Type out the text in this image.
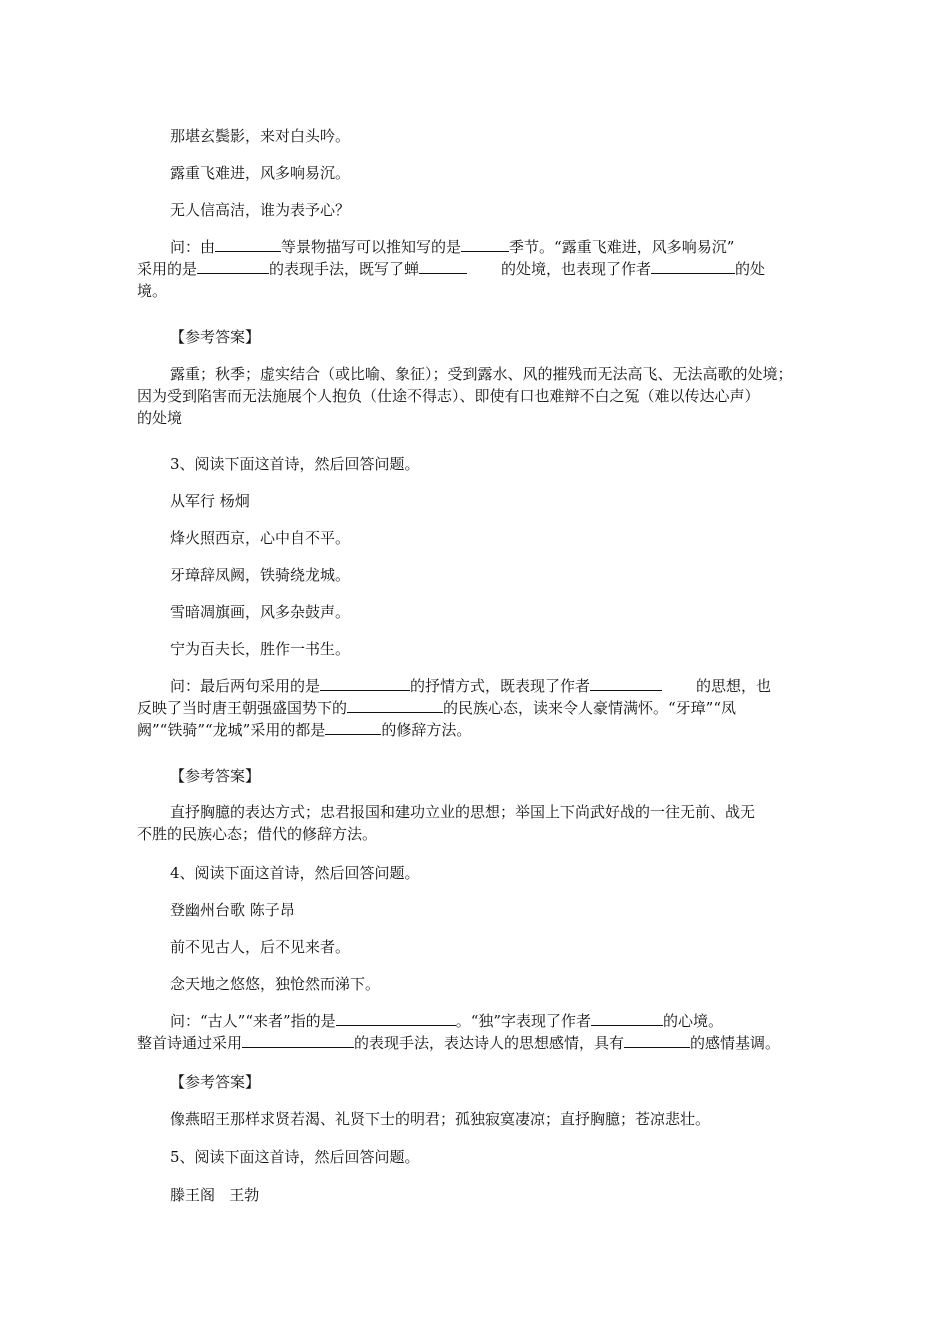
那堪玄鬓影，来对白头吟。

露重飞难进，风多响易沉。

无人信高洁，谁为表予心？

问：由	等景物描写可以推知写的是	季节。“露重飞难进，风多响易沉”
采用的是	的表现手法，既写了蝉	的处境，也表现了作者	的处
境。

【参考答案】

露重；秋季；虚实结合（或比喻、象征）；受到露水、风的摧残而无法高飞、无法高歌的处境；
因为受到陷害而无法施展个人抱负（仕途不得志）、即使有口也难辩不白之冤（难以传达心声）
的处境

3、阅读下面这首诗，然后回答问题。

从军行 杨炯

烽火照西京，心中自不平。

牙璋辞凤阙，铁骑绕龙城。

雪暗凋旗画，风多杂鼓声。

宁为百夫长，胜作一书生。

问：最后两句采用的是	的抒情方式，既表现了作者	的思想，也
反映了当时唐王朝强盛国势下的	的民族心态，读来令人豪情满怀。“牙璋”“凤
阙”“铁骑”“龙城”采用的都是	的修辞方法。

【参考答案】

直抒胸臆的表达方式；忠君报国和建功立业的思想；举国上下尚武好战的一往无前、战无
不胜的民族心态；借代的修辞方法。

4、阅读下面这首诗，然后回答问题。

登幽州台歌 陈子昂

前不见古人，后不见来者。

念天地之悠悠，独怆然而涕下。

问：“古人”“来者”指的是	。“独”字表现了作者	的心境。
整首诗通过采用	的表现手法，表达诗人的思想感情，具有	的感情基调。

【参考答案】

像燕昭王那样求贤若渴、礼贤下士的明君；孤独寂寞凄凉；直抒胸臆；苍凉悲壮。

5、阅读下面这首诗，然后回答问题。

滕王阁   王勃
